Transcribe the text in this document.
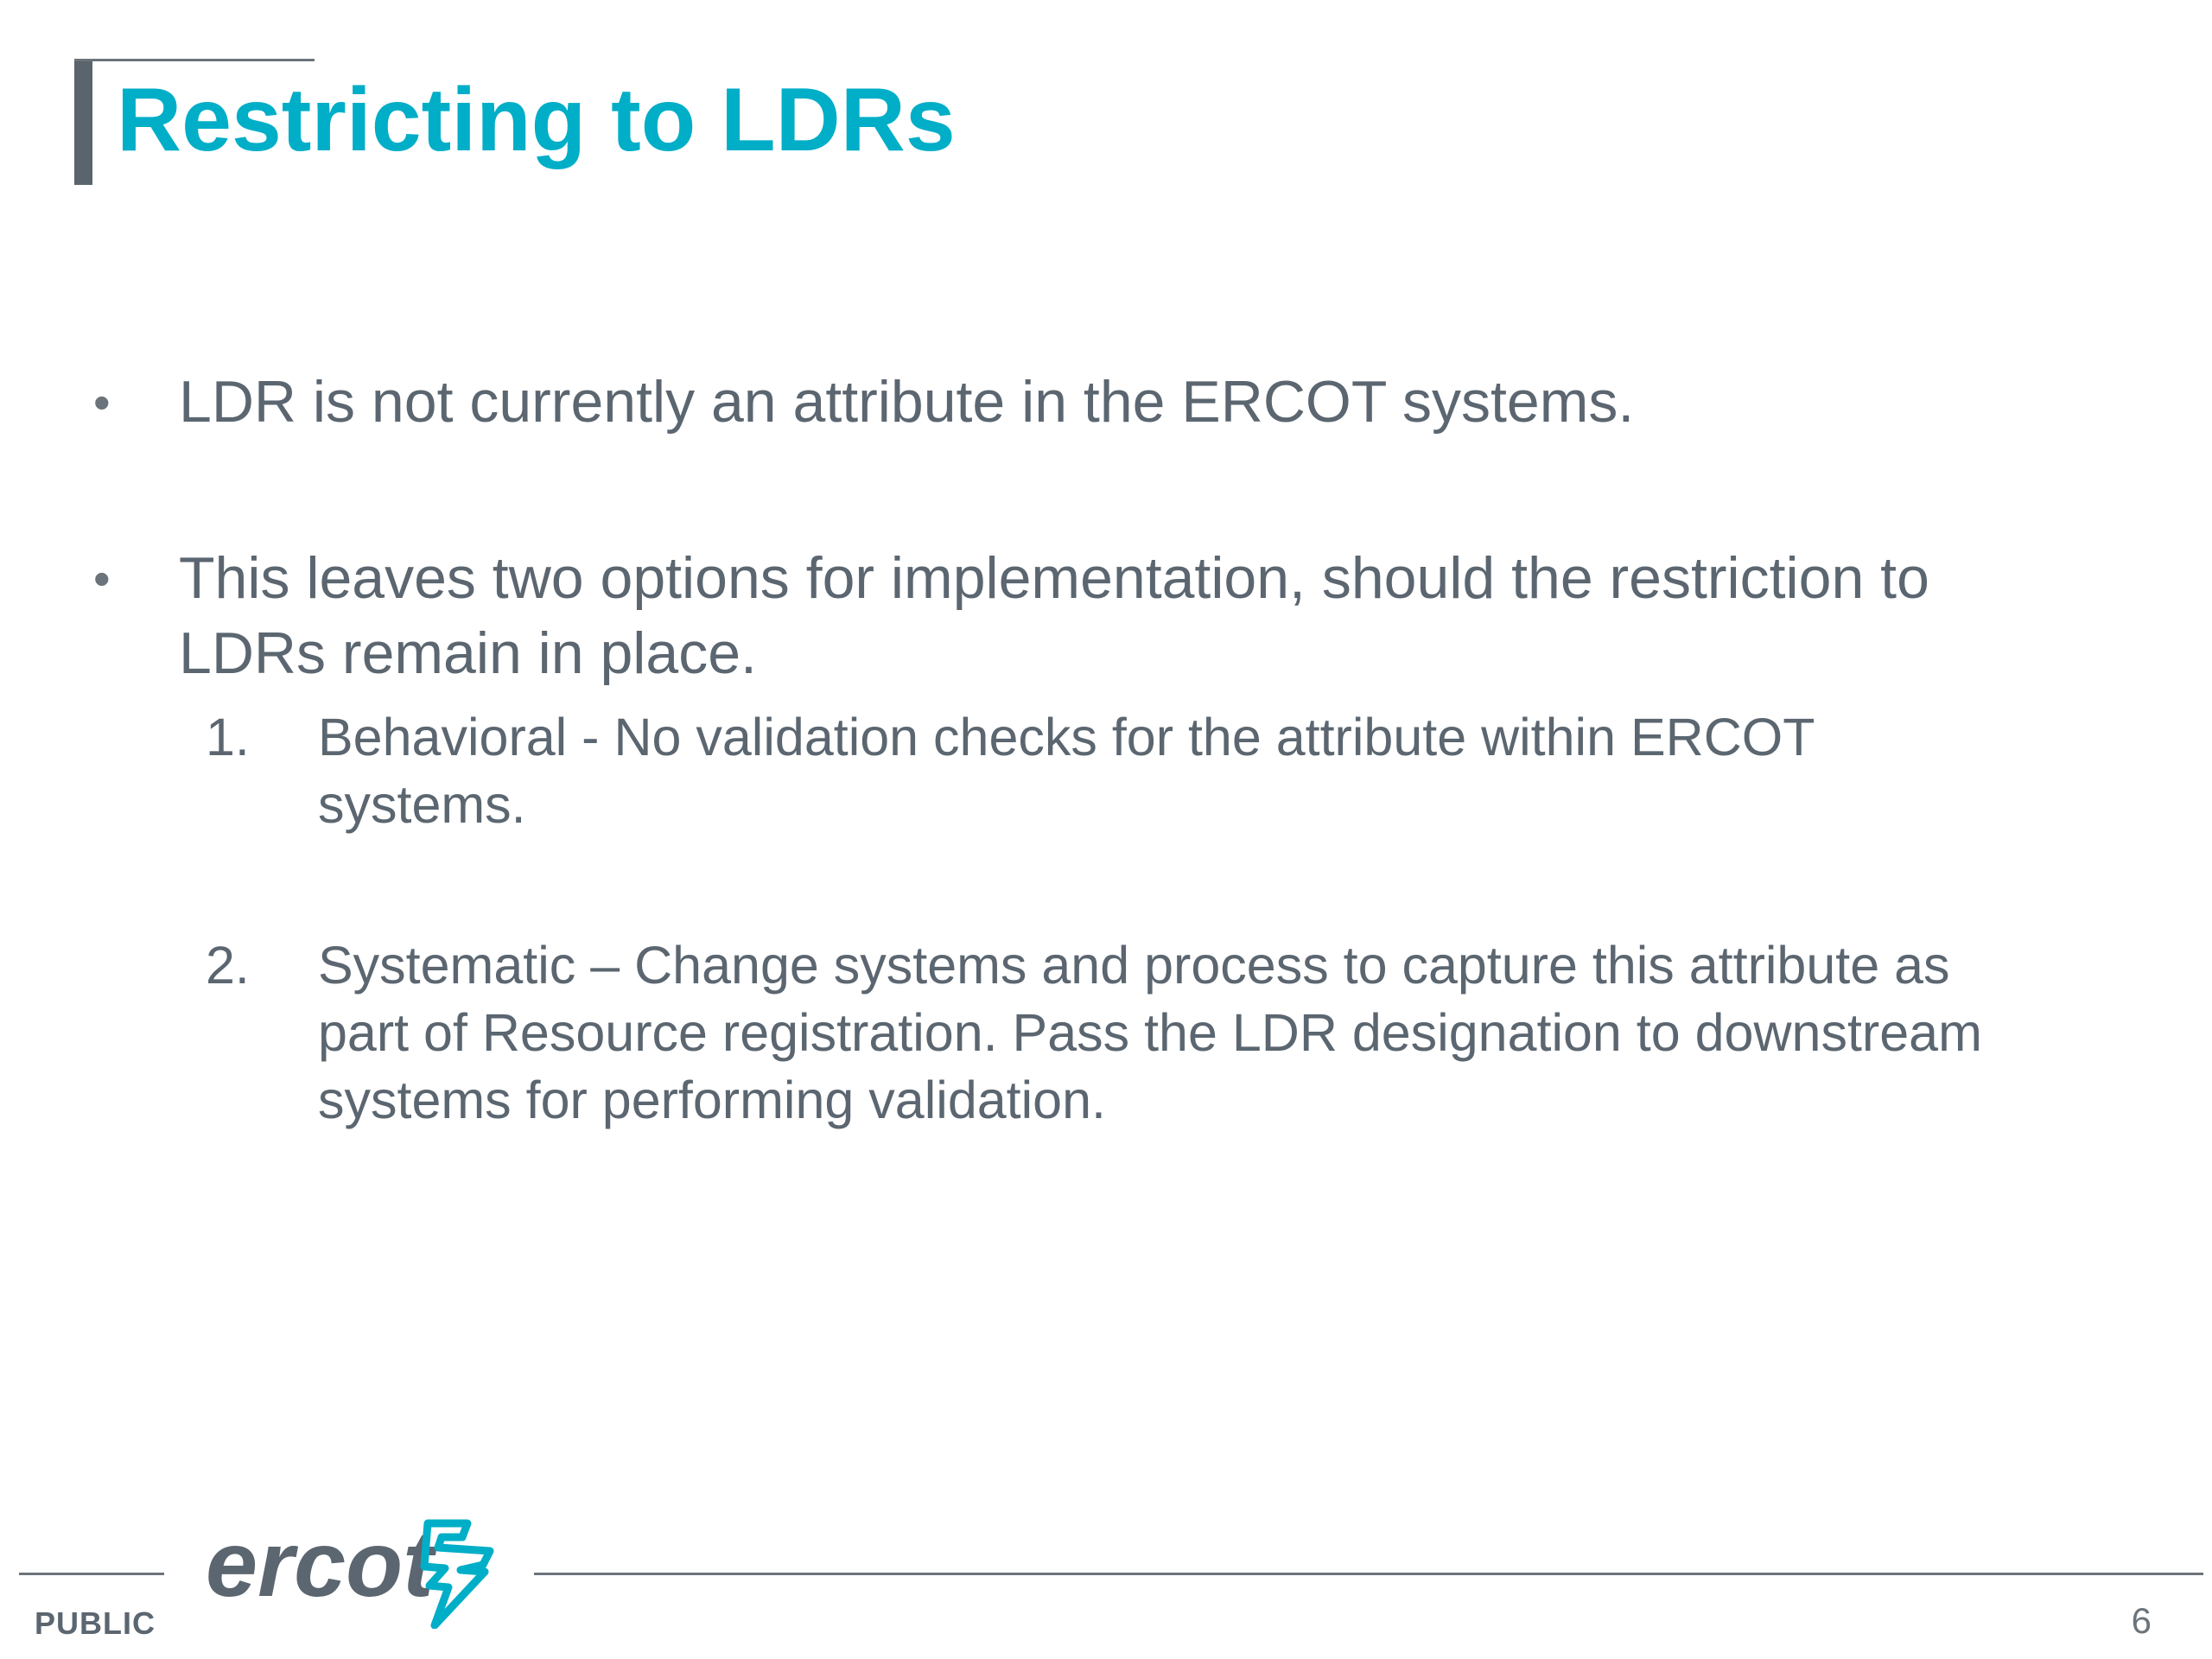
Restricting to LDRs
• LDR is not currently an attribute in the ERCOT systems.
• This leaves two options for implementation, should the restriction to
LDRs remain in place.
1. Behavioral - No validation checks for the attribute within ERCOT
systems.
2. Systematic – Change systems and process to capture this attribute as
part of Resource registration. Pass the LDR designation to downstream
systems for performing validation.
ercot
PUBLIC	6
